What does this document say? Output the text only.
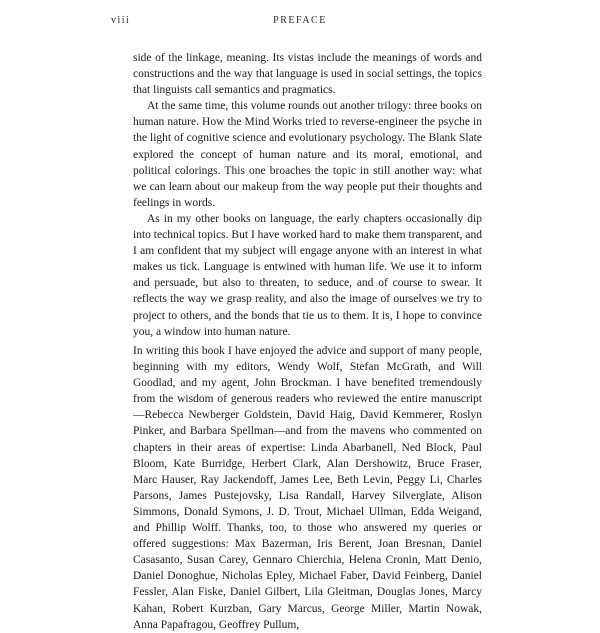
viii	PREFACE

side of the linkage, meaning. Its vistas include the meanings of words and constructions and the way that language is used in social settings, the topics that linguists call semantics and pragmatics.

At the same time, this volume rounds out another trilogy: three books on human nature. How the Mind Works tried to reverse-engineer the psyche in the light of cognitive science and evolutionary psychology. The Blank Slate explored the concept of human nature and its moral, emotional, and political colorings. This one broaches the topic in still another way: what we can learn about our makeup from the way people put their thoughts and feelings in words.

As in my other books on language, the early chapters occasionally dip into technical topics. But I have worked hard to make them transparent, and I am confident that my subject will engage anyone with an interest in what makes us tick. Language is entwined with human life. We use it to inform and persuade, but also to threaten, to seduce, and of course to swear. It reflects the way we grasp reality, and also the image of ourselves we try to project to others, and the bonds that tie us to them. It is, I hope to convince you, a window into human nature.

In writing this book I have enjoyed the advice and support of many people, beginning with my editors, Wendy Wolf, Stefan McGrath, and Will Goodlad, and my agent, John Brockman. I have benefited tremendously from the wisdom of generous readers who reviewed the entire manuscript—Rebecca Newberger Goldstein, David Haig, David Kemmerer, Roslyn Pinker, and Barbara Spellman—and from the mavens who commented on chapters in their areas of expertise: Linda Abarbanell, Ned Block, Paul Bloom, Kate Burridge, Herbert Clark, Alan Dershowitz, Bruce Fraser, Marc Hauser, Ray Jackendoff, James Lee, Beth Levin, Peggy Li, Charles Parsons, James Pustejovsky, Lisa Randall, Harvey Silverglate, Alison Simmons, Donald Symons, J. D. Trout, Michael Ullman, Edda Weigand, and Phillip Wolff. Thanks, too, to those who answered my queries or offered suggestions: Max Bazerman, Iris Berent, Joan Bresnan, Daniel Casasanto, Susan Carey, Gennaro Chierchia, Helena Cronin, Matt Denio, Daniel Donoghue, Nicholas Epley, Michael Faber, David Feinberg, Daniel Fessler, Alan Fiske, Daniel Gilbert, Lila Gleitman, Douglas Jones, Marcy Kahan, Robert Kurzban, Gary Marcus, George Miller, Martin Nowak, Anna Papafragou, Geoffrey Pullum,
